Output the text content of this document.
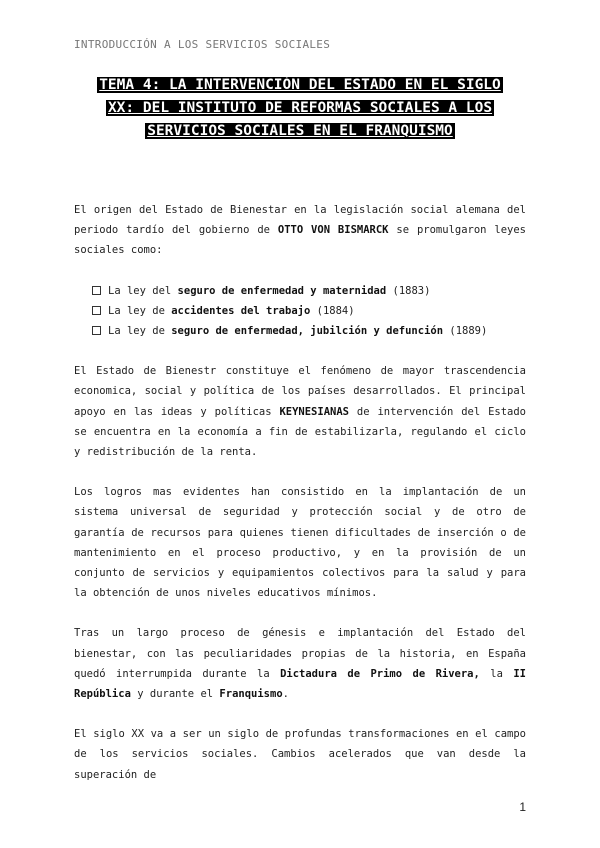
INTRODUCCIÓN A LOS SERVICIOS SOCIALES
TEMA 4: LA INTERVENCIÓN DEL ESTADO EN EL SIGLO
XX: DEL INSTITUTO DE REFORMAS SOCIALES A LOS
SERVICIOS SOCIALES EN EL FRANQUISMO

El origen del Estado de Bienestar en la legislación social alemana del periodo tardío del gobierno de OTTO VON BISMARCK se promulgaron leyes sociales como:

La ley del seguro de enfermedad y maternidad (1883)
La ley de accidentes del trabajo (1884)
La ley de seguro de enfermedad, jubilción y defunción (1889)

El Estado de Bienestr constituye el fenómeno de mayor trascendencia economica, social y política de los países desarrollados. El principal apoyo en las ideas y políticas KEYNESIANAS de intervención del Estado se encuentra en la economía a fin de estabilizarla, regulando el ciclo y redistribución de la renta.

Los logros mas evidentes han consistido en la implantación de un sistema universal de seguridad y protección social y de otro de garantía de recursos para quienes tienen dificultades de inserción o de mantenimiento en el proceso productivo, y en la provisión de un conjunto de servicios y equipamientos colectivos para la salud y para la obtención de unos niveles educativos mínimos.

Tras un largo proceso de génesis e implantación del Estado del bienestar, con las peculiaridades propias de la historia, en España quedó interrumpida durante la Dictadura de Primo de Rivera, la II República y durante el Franquismo.

El siglo XX va a ser un siglo de profundas transformaciones en el campo de los servicios sociales. Cambios acelerados que van desde la superación de

1
